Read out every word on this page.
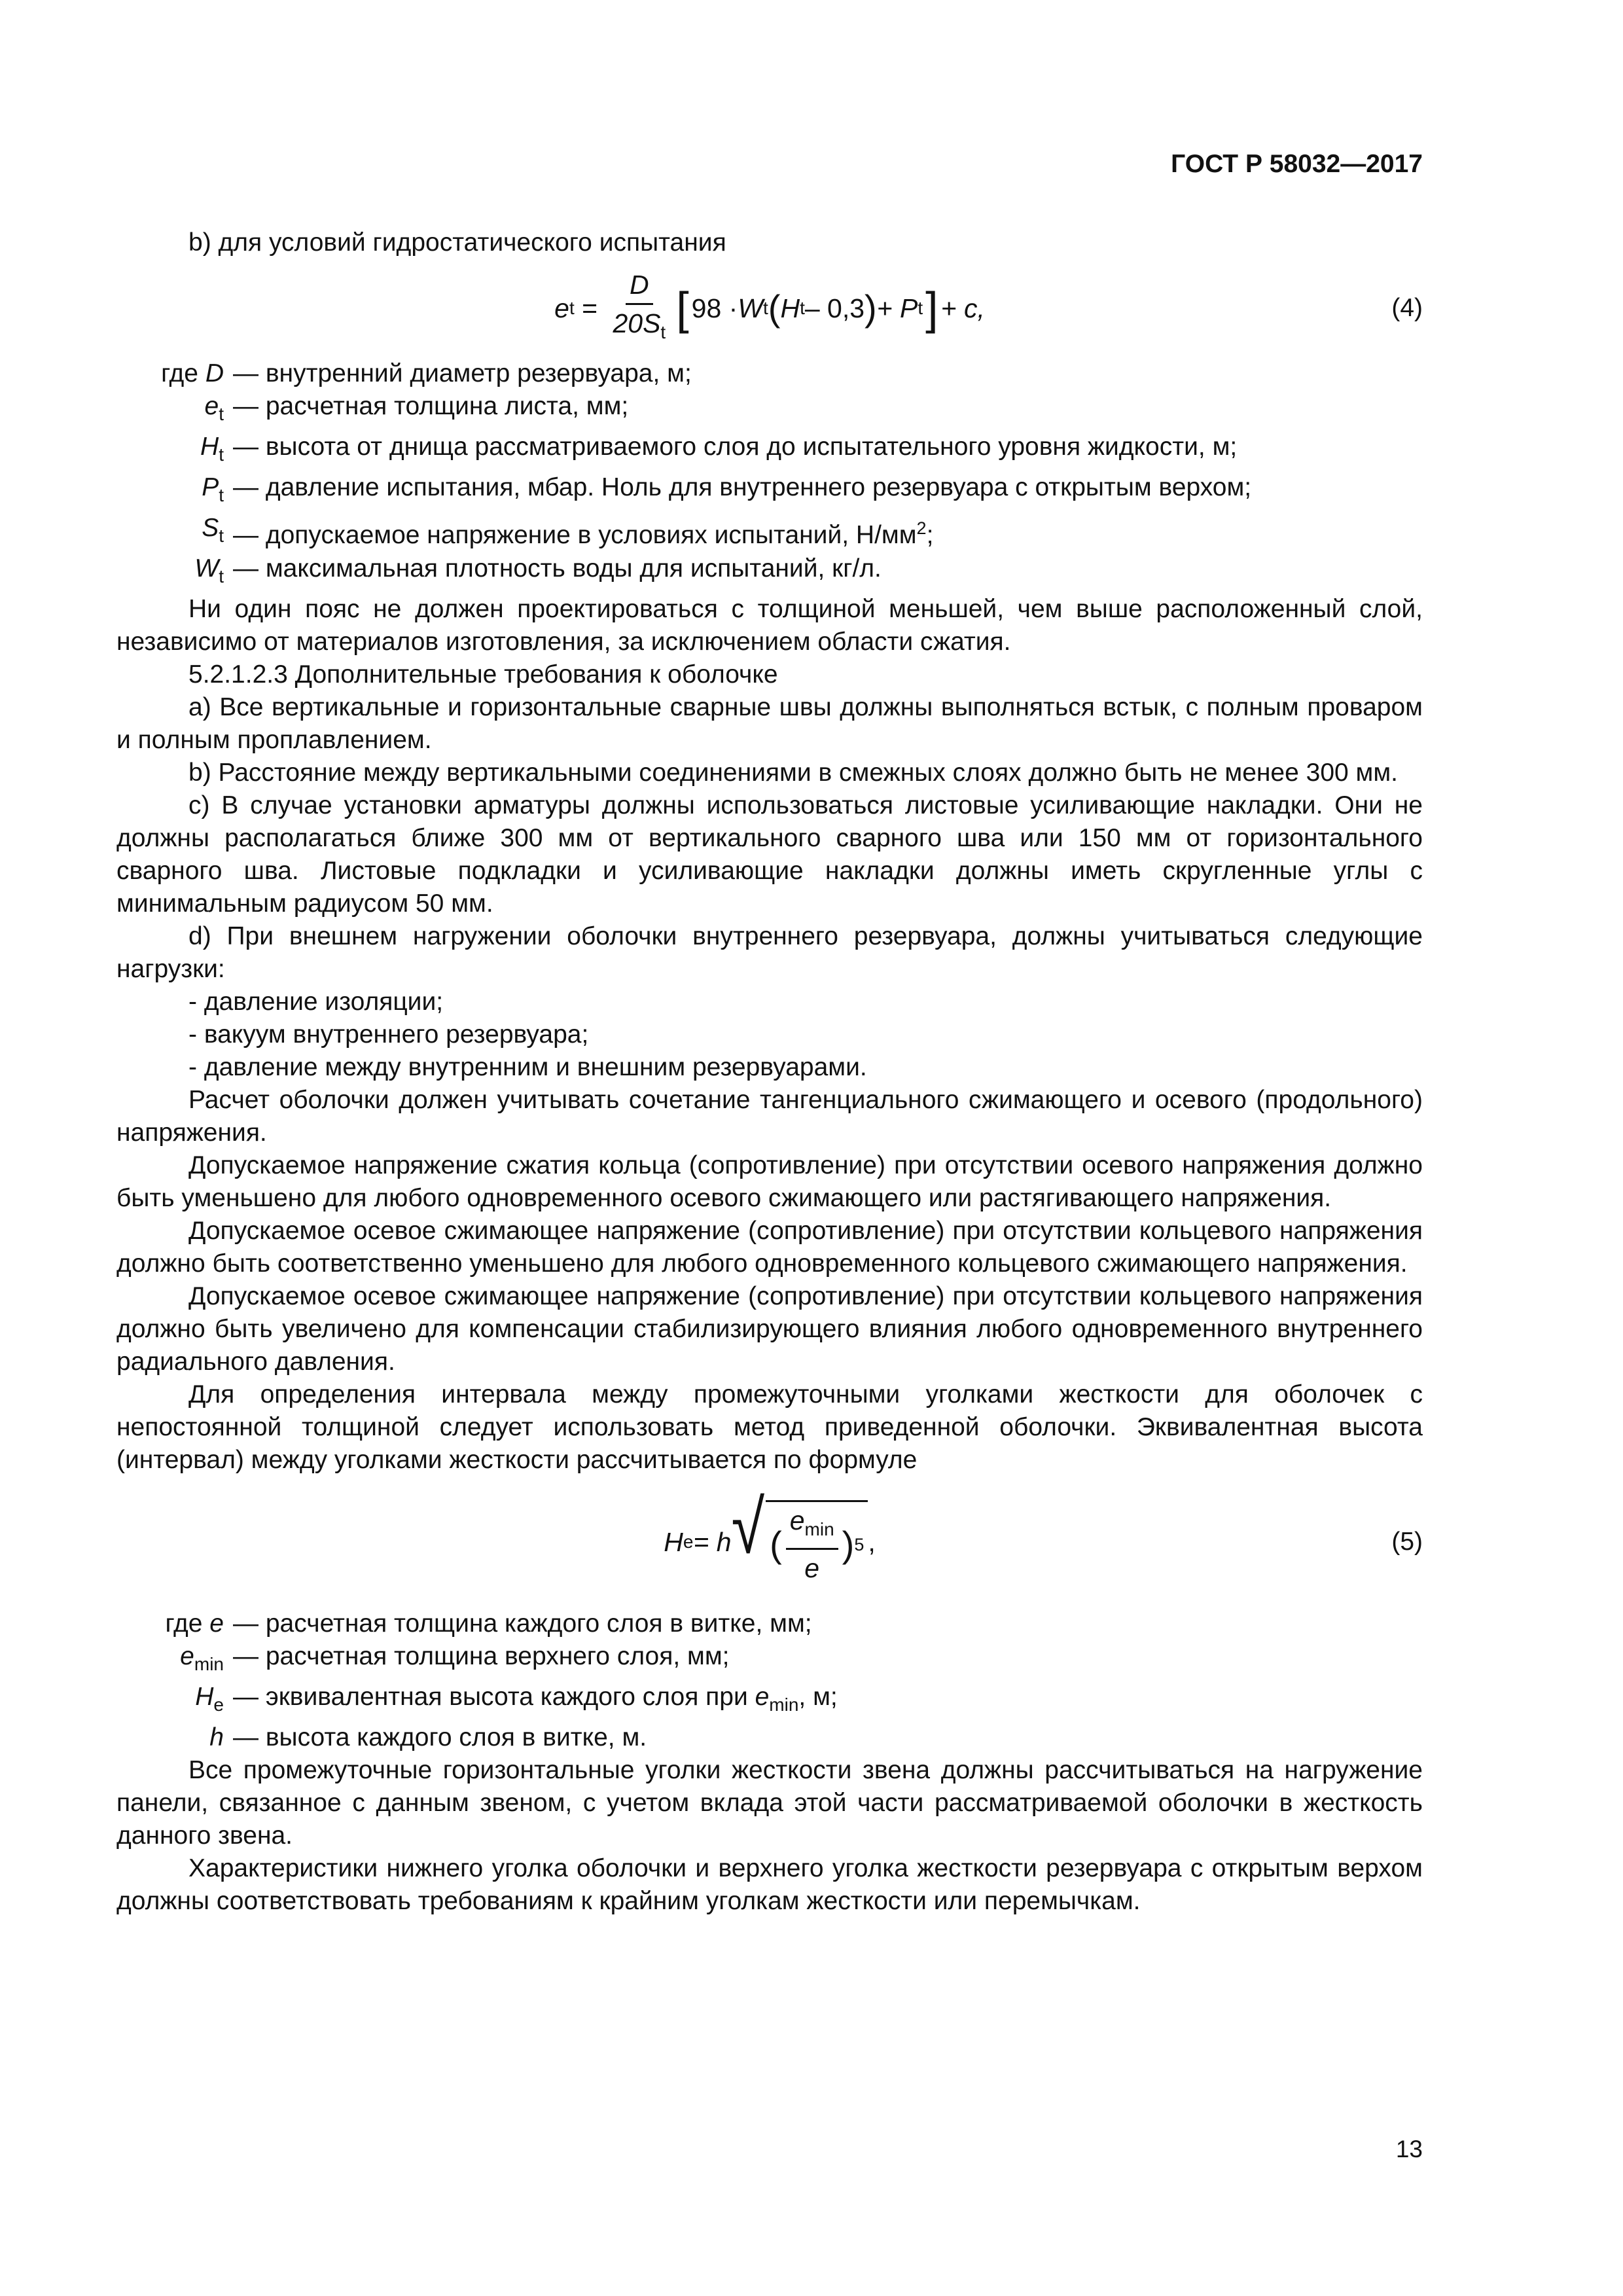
ГОСТ Р 58032—2017

b) для условий гидростатического испытания

e $t = \frac{D}{20S_t}$ [ 98 · W t ( H t – 0,3 ) + P t ] + c,	(4)
где D — внутренний диаметр резервуара, м;
$e_t$ — расчетная толщина листа, мм;
$H_t$ — высота от днища рассматриваемого слоя до испытательного уровня жидкости, м;
$P_t$ — давление испытания, мбар. Ноль для внутреннего резервуара с открытым верхом;
$S_t$ — допускаемое напряжение в условиях испытаний, $Н/мм^2$;
$W_t$ — максимальная плотность воды для испытаний, кг/л.

Ни один пояс не должен проектироваться с толщиной меньшей, чем выше расположенный слой, независимо от материалов изготовления, за исключением области сжатия.

5.2.1.2.3 Дополнительные требования к оболочке

a) Все вертикальные и горизонтальные сварные швы должны выполняться встык, с полным проваром и полным проплавлением.

b) Расстояние между вертикальными соединениями в смежных слоях должно быть не менее 300 мм.

c) В случае установки арматуры должны использоваться листовые усиливающие накладки. Они не должны располагаться ближе 300 мм от вертикального сварного шва или 150 мм от горизонтального сварного шва. Листовые подкладки и усиливающие накладки должны иметь скругленные углы с минимальным радиусом 50 мм.

d) При внешнем нагружении оболочки внутреннего резервуара, должны учитываться следующие нагрузки:

- давление изоляции;

- вакуум внутреннего резервуара;

- давление между внутренним и внешним резервуарами.

Расчет оболочки должен учитывать сочетание тангенциального сжимающего и осевого (продольного) напряжения.

Допускаемое напряжение сжатия кольца (сопротивление) при отсутствии осевого напряжения должно быть уменьшено для любого одновременного осевого сжимающего или растягивающего напряжения.

Допускаемое осевое сжимающее напряжение (сопротивление) при отсутствии кольцевого напряжения должно быть соответственно уменьшено для любого одновременного кольцевого сжимающего напряжения.

Допускаемое осевое сжимающее напряжение (сопротивление) при отсутствии кольцевого напряжения должно быть увеличено для компенсации стабилизирующего влияния любого одновременного внутреннего радиального давления.

Для определения интервала между промежуточными уголками жесткости для оболочек с непостоянной толщиной следует использовать метод приведенной оболочки. Эквивалентная высота (интервал) между уголками жесткости рассчитывается по формуле

H e = h √ ( $\frac{e_{min}}{e}$ ) 5 ,	(5)
где e — расчетная толщина каждого слоя в витке, мм;
$e_{min}$ — расчетная толщина верхнего слоя, мм;
$H_e$ — эквивалентная высота каждого слоя при $e_{min}$, м;
h — высота каждого слоя в витке, м.

Все промежуточные горизонтальные уголки жесткости звена должны рассчитываться на нагружение панели, связанное с данным звеном, с учетом вклада этой части рассматриваемой оболочки в жесткость данного звена.

Характеристики нижнего уголка оболочки и верхнего уголка жесткости резервуара с открытым верхом должны соответствовать требованиям к крайним уголкам жесткости или перемычкам.

13
